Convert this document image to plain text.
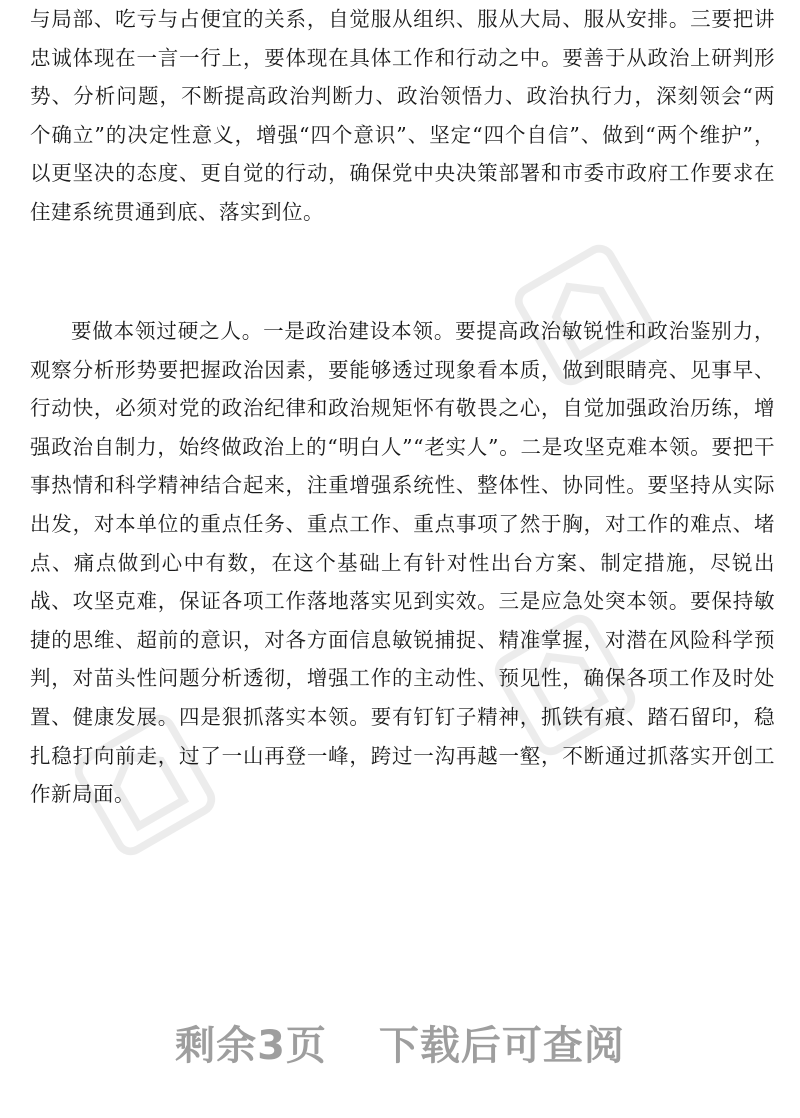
与局部、吃亏与占便宜的关系，自觉服从组织、服从大局、服从安排。三要把讲忠诚体现在一言一行上，要体现在具体工作和行动之中。要善于从政治上研判形势、分析问题，不断提高政治判断力、政治领悟力、政治执行力，深刻领会“两个确立”的决定性意义，增强“四个意识”、坚定“四个自信”、做到“两个维护”，以更坚决的态度、更自觉的行动，确保党中央决策部署和市委市政府工作要求在住建系统贯通到底、落实到位。

要做本领过硬之人。一是政治建设本领。要提高政治敏锐性和政治鉴别力，观察分析形势要把握政治因素，要能够透过现象看本质，做到眼睛亮、见事早、行动快，必须对党的政治纪律和政治规矩怀有敬畏之心，自觉加强政治历练，增强政治自制力，始终做政治上的“明白人”“老实人”。二是攻坚克难本领。要把干事热情和科学精神结合起来，注重增强系统性、整体性、协同性。要坚持从实际出发，对本单位的重点任务、重点工作、重点事项了然于胸，对工作的难点、堵点、痛点做到心中有数，在这个基础上有针对性出台方案、制定措施，尽锐出战、攻坚克难，保证各项工作落地落实见到实效。三是应急处突本领。要保持敏捷的思维、超前的意识，对各方面信息敏锐捕捉、精准掌握，对潜在风险科学预判，对苗头性问题分析透彻，增强工作的主动性、预见性，确保各项工作及时处置、健康发展。四是狠抓落实本领。要有钉钉子精神，抓铁有痕、踏石留印，稳扎稳打向前走，过了一山再登一峰，跨过一沟再越一壑，不断通过抓落实开创工作新局面。

剩余3页 下载后可查阅
